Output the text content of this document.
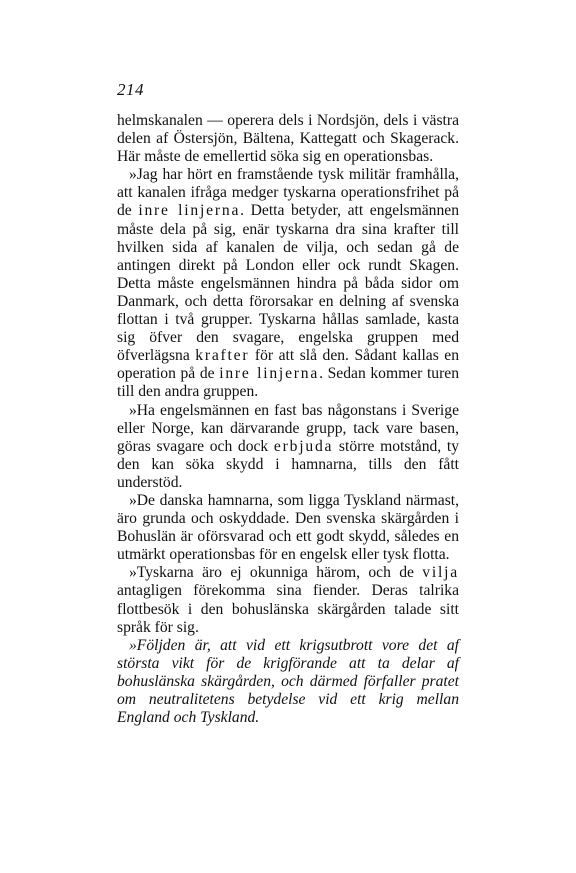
214

helmskanalen — operera dels i Nordsjön, dels i västra delen af Östersjön, Bältena, Kattegatt och Skagerack. Här måste de emellertid söka sig en operationsbas.

»Jag har hört en framstående tysk militär framhålla, att kanalen ifråga medger tyskarna operationsfrihet på de inre linjerna. Detta betyder, att engelsmännen måste dela på sig, enär tyskarna dra sina krafter till hvilken sida af kanalen de vilja, och sedan gå de antingen direkt på London eller ock rundt Skagen. Detta måste engelsmännen hindra på båda sidor om Danmark, och detta förorsakar en delning af svenska flottan i två grupper. Tyskarna hållas samlade, kasta sig öfver den svagare, engelska gruppen med öfverlägsna krafter för att slå den. Sådant kallas en operation på de inre linjerna. Sedan kommer turen till den andra gruppen.

»Ha engelsmännen en fast bas någonstans i Sverige eller Norge, kan därvarande grupp, tack vare basen, göras svagare och dock erbjuda större motstånd, ty den kan söka skydd i hamnarna, tills den fått understöd.

»De danska hamnarna, som ligga Tyskland närmast, äro grunda och oskyddade. Den svenska skärgården i Bohuslän är oförsvarad och ett godt skydd, således en utmärkt operationsbas för en engelsk eller tysk flotta.

»Tyskarna äro ej okunniga härom, och de vilja antagligen förekomma sina fiender. Deras talrika flottbesök i den bohuslänska skärgården talade sitt språk för sig.

»Följden är, att vid ett krigsutbrott vore det af största vikt för de krigförande att ta delar af bohuslänska skärgården, och därmed förfaller pratet om neutralitetens betydelse vid ett krig mellan England och Tyskland.
